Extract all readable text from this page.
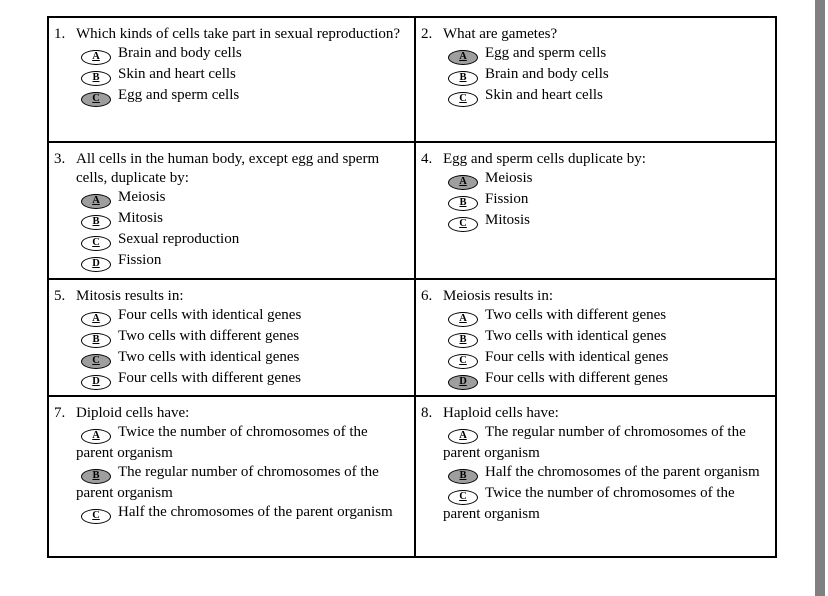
1. Which kinds of cells take part in sexual reproduction?
A Brain and body cells
B Skin and heart cells
C Egg and sperm cells
2. What are gametes?
A Egg and sperm cells
B Brain and body cells
C Skin and heart cells
3. All cells in the human body, except egg and sperm cells, duplicate by:
A Meiosis
B Mitosis
C Sexual reproduction
D Fission
4. Egg and sperm cells duplicate by:
A Meiosis
B Fission
C Mitosis
5. Mitosis results in:
A Four cells with identical genes
B Two cells with different genes
C Two cells with identical genes
D Four cells with different genes
6. Meiosis results in:
A Two cells with different genes
B Two cells with identical genes
C Four cells with identical genes
D Four cells with different genes
7. Diploid cells have:
A Twice the number of chromosomes of the parent organism
B The regular number of chromosomes of the parent organism
C Half the chromosomes of the parent organism
8. Haploid cells have:
A The regular number of chromosomes of the parent organism
B Half the chromosomes of the parent organism
C Twice the number of chromosomes of the parent organism
